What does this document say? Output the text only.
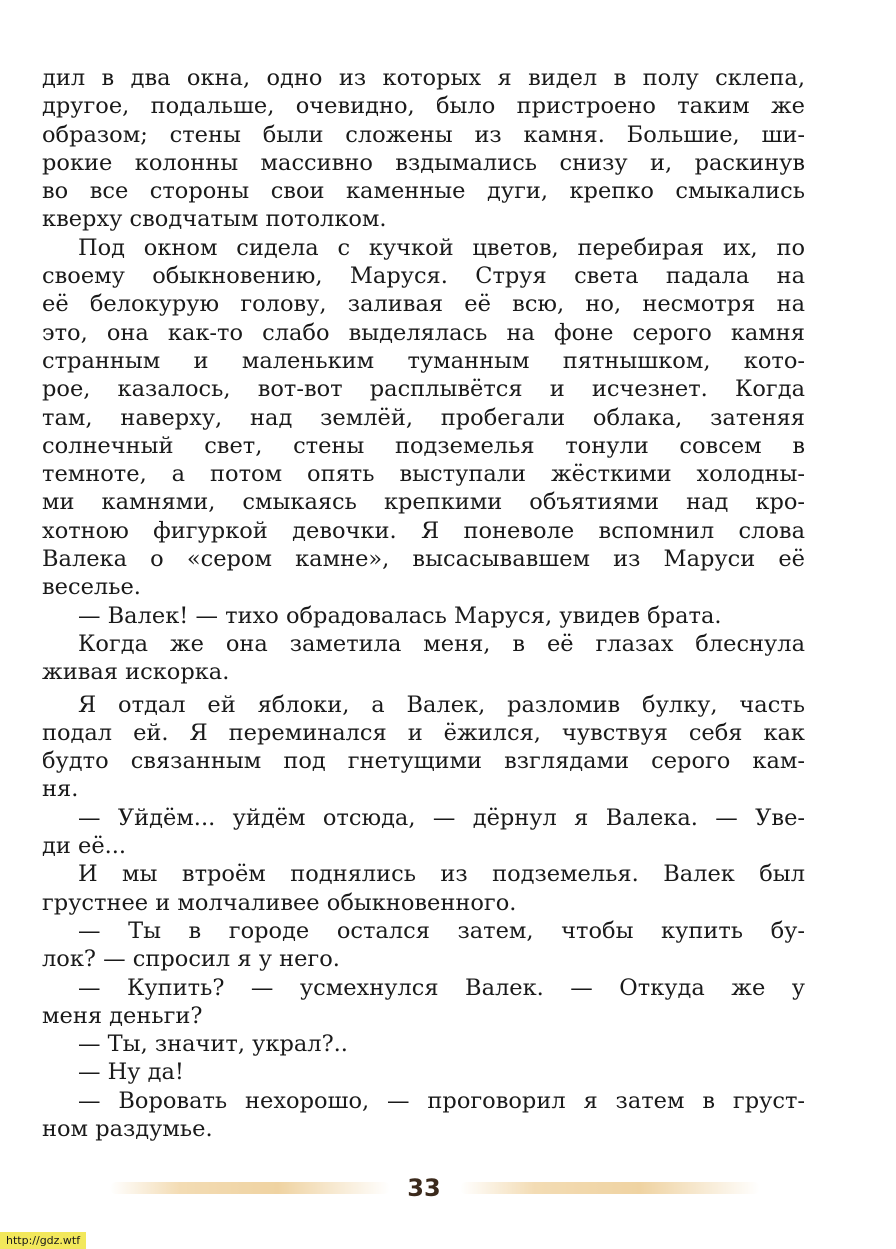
дил в два окна, одно из которых я видел в полу склепа,
другое, подальше, очевидно, было пристроено таким же
образом; стены были сложены из камня. Большие, ши-
рокие колонны массивно вздымались снизу и, раскинув
во все стороны свои каменные дуги, крепко смыкались
кверху сводчатым потолком.
Под окном сидела с кучкой цветов, перебирая их, по
своему обыкновению, Маруся. Струя света падала на
её белокурую голову, заливая её всю, но, несмотря на
это, она как-то слабо выделялась на фоне серого камня
странным и маленьким туманным пятнышком, кото-
рое, казалось, вот-вот расплывётся и исчезнет. Когда
там, наверху, над землёй, пробегали облака, затеняя
солнечный свет, стены подземелья тонули совсем в
темноте, а потом опять выступали жёсткими холодны-
ми камнями, смыкаясь крепкими объятиями над кро-
хотною фигуркой девочки. Я поневоле вспомнил слова
Валека о «сером камне», высасывавшем из Маруси её
веселье.
— Валек! — тихо обрадовалась Маруся, увидев брата.
Когда же она заметила меня, в её глазах блеснула
живая искорка.
Я отдал ей яблоки, а Валек, разломив булку, часть
подал ей. Я переминался и ёжился, чувствуя себя как
будто связанным под гнетущими взглядами серого кам-
ня.
— Уйдём... уйдём отсюда, — дёрнул я Валека. — Уве-
ди её...
И мы втроём поднялись из подземелья. Валек был
грустнее и молчаливее обыкновенного.
— Ты в городе остался затем, чтобы купить бу-
лок? — спросил я у него.
— Купить? — усмехнулся Валек. — Откуда же у
меня деньги?
— Ты, значит, украл?..
— Ну да!
— Воровать нехорошо, — проговорил я затем в груст-
ном раздумье.
33
http://gdz.wtf
